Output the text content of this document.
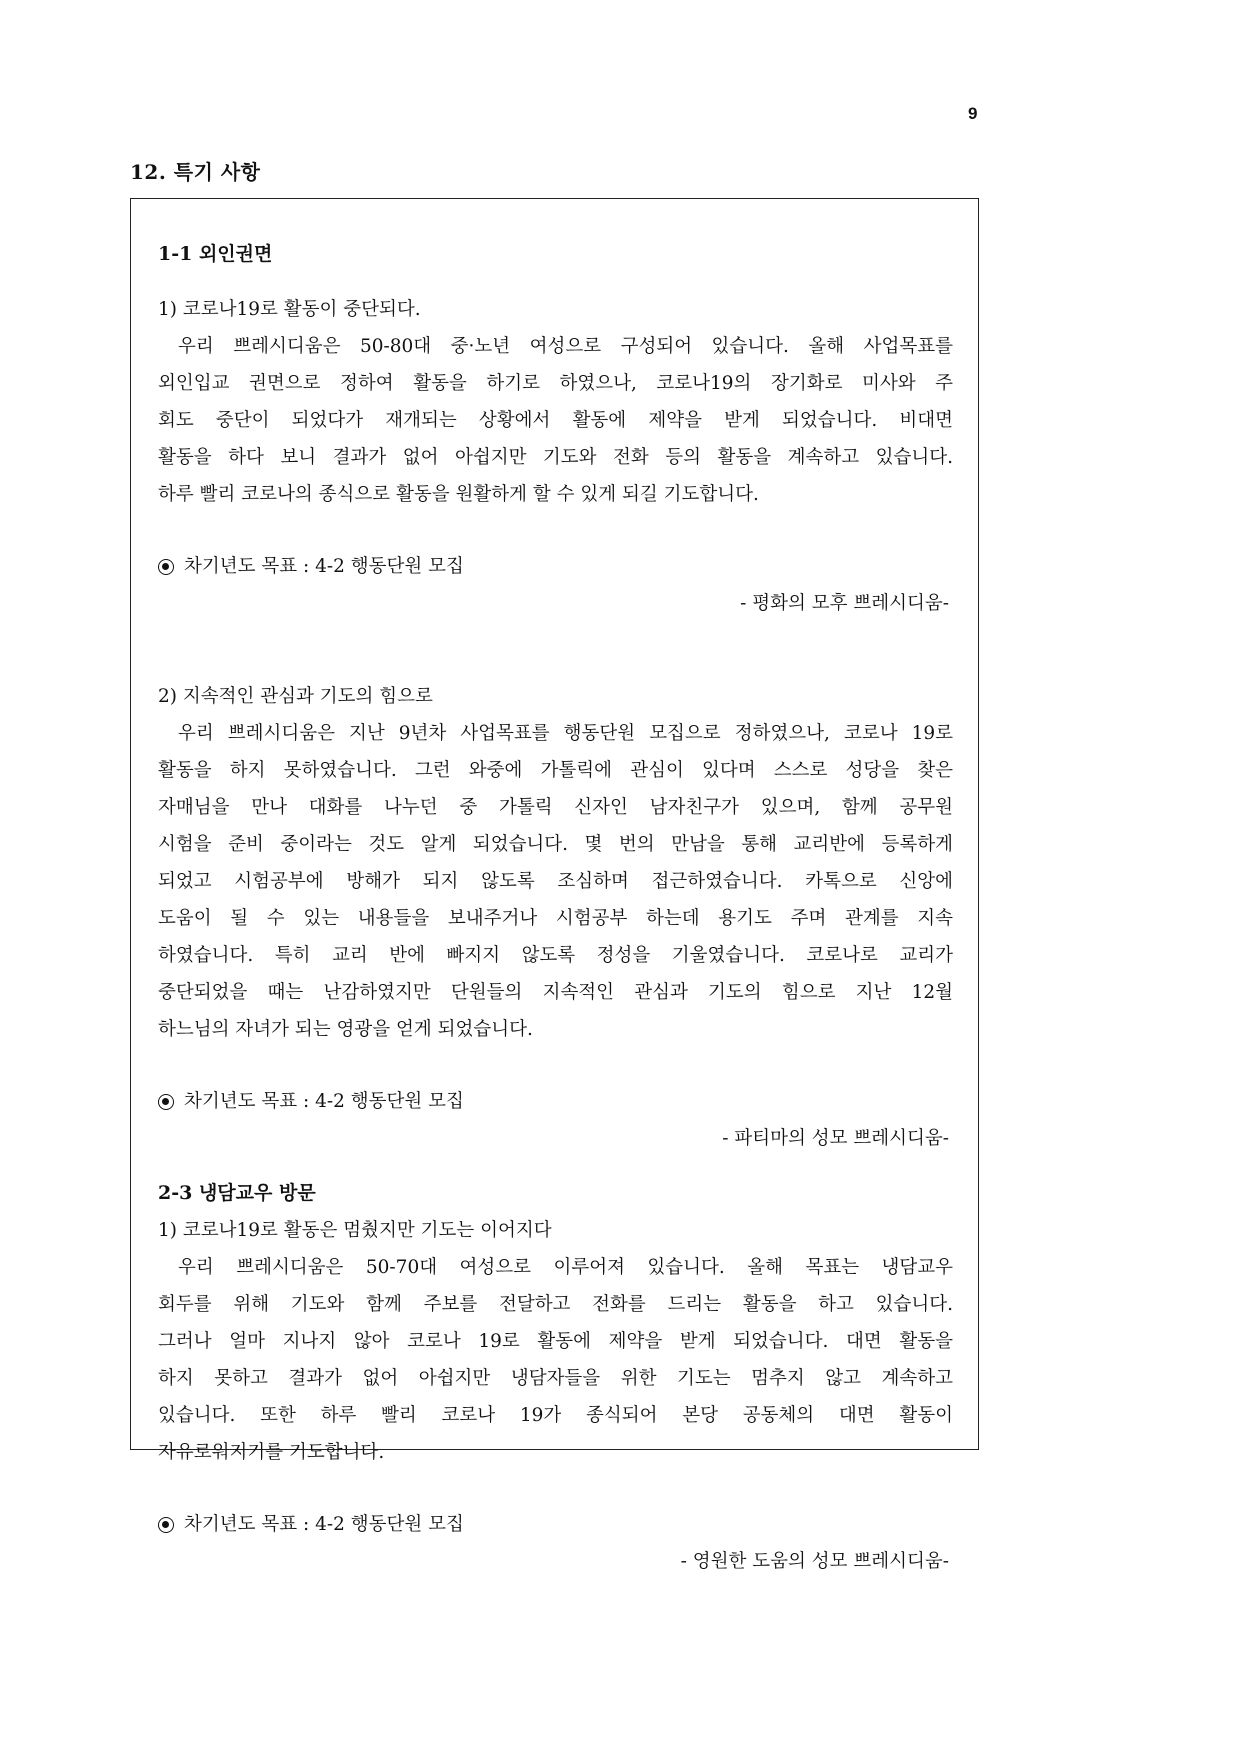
9
12. 특기 사항
1-1 외인권면
1) 코로나19로 활동이 중단되다.
우리 쁘레시디움은 50-80대 중·노년 여성으로 구성되어 있습니다. 올해 사업목표를
외인입교 권면으로 정하여 활동을 하기로 하였으나, 코로나19의 장기화로 미사와 주
회도 중단이 되었다가 재개되는 상황에서 활동에 제약을 받게 되었습니다. 비대면
활동을 하다 보니 결과가 없어 아쉽지만 기도와 전화 등의 활동을 계속하고 있습니다.
하루 빨리 코로나의 종식으로 활동을 원활하게 할 수 있게 되길 기도합니다.
차기년도 목표 : 4-2 행동단원 모집
- 평화의 모후 쁘레시디움-
2) 지속적인 관심과 기도의 힘으로
우리 쁘레시디움은 지난 9년차 사업목표를 행동단원 모집으로 정하였으나, 코로나 19로
활동을 하지 못하였습니다. 그런 와중에 가톨릭에 관심이 있다며 스스로 성당을 찾은
자매님을 만나 대화를 나누던 중 가톨릭 신자인 남자친구가 있으며, 함께 공무원
시험을 준비 중이라는 것도 알게 되었습니다. 몇 번의 만남을 통해 교리반에 등록하게
되었고 시험공부에 방해가 되지 않도록 조심하며 접근하였습니다. 카톡으로 신앙에
도움이 될 수 있는 내용들을 보내주거나 시험공부 하는데 용기도 주며 관계를 지속
하였습니다. 특히 교리 반에 빠지지 않도록 정성을 기울였습니다. 코로나로 교리가
중단되었을 때는 난감하였지만 단원들의 지속적인 관심과 기도의 힘으로 지난 12월
하느님의 자녀가 되는 영광을 얻게 되었습니다.
차기년도 목표 : 4-2 행동단원 모집
- 파티마의 성모 쁘레시디움-
2-3 냉담교우 방문
1) 코로나19로 활동은 멈췄지만 기도는 이어지다
우리 쁘레시디움은 50-70대 여성으로 이루어져 있습니다. 올해 목표는 냉담교우
회두를 위해 기도와 함께 주보를 전달하고 전화를 드리는 활동을 하고 있습니다.
그러나 얼마 지나지 않아 코로나 19로 활동에 제약을 받게 되었습니다. 대면 활동을
하지 못하고 결과가 없어 아쉽지만 냉담자들을 위한 기도는 멈추지 않고 계속하고
있습니다. 또한 하루 빨리 코로나 19가 종식되어 본당 공동체의 대면 활동이
자유로워지기를 기도합니다.
차기년도 목표 : 4-2 행동단원 모집
- 영원한 도움의 성모 쁘레시디움-
